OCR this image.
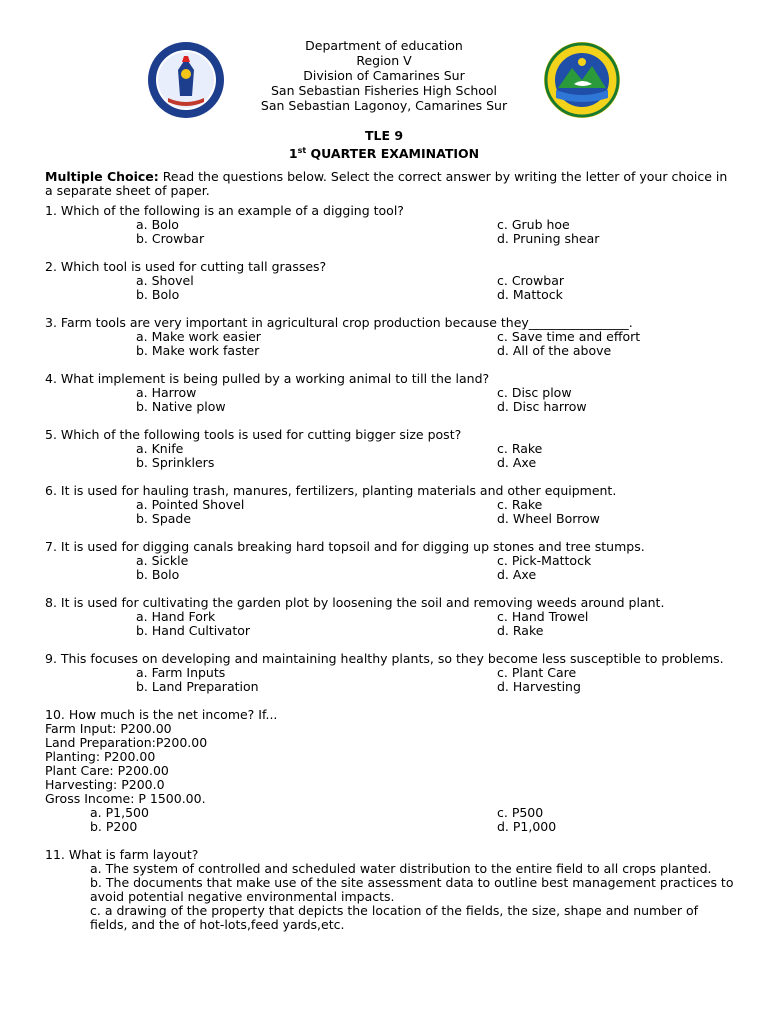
Department of education
Region V
Division of Camarines Sur
San Sebastian Fisheries High School
San Sebastian Lagonoy, Camarines Sur
TLE 9
1st QUARTER EXAMINATION
Multiple Choice: Read the questions below. Select the correct answer by writing the letter of your choice in a separate sheet of paper.
1. Which of the following is an example of a digging tool?
a. Bolo	c. Grub hoe
b. Crowbar	d. Pruning shear
2. Which tool is used for cutting tall grasses?
a. Shovel	c. Crowbar
b. Bolo	d. Mattock
3. Farm tools are very important in agricultural crop production because they________________.
a. Make work easier	c. Save time and effort
b. Make work faster	d. All of the above
4. What implement is being pulled by a working animal to till the land?
a. Harrow	c. Disc plow
b. Native plow	d. Disc harrow
5. Which of the following tools is used for cutting bigger size post?
a. Knife	c. Rake
b. Sprinklers	d. Axe
6. It is used for hauling trash, manures, fertilizers, planting materials and other equipment.
a. Pointed Shovel	c. Rake
b. Spade	d. Wheel Borrow
7. It is used for digging canals breaking hard topsoil and for digging up stones and tree stumps.
a. Sickle	c. Pick-Mattock
b. Bolo	d. Axe
8. It is used for cultivating the garden plot by loosening the soil and removing weeds around plant.
a. Hand Fork	c. Hand Trowel
b. Hand Cultivator	d. Rake
9. This focuses on developing and maintaining healthy plants, so they become less susceptible to problems.
a. Farm Inputs	c. Plant Care
b. Land Preparation	d. Harvesting
10. How much is the net income? If...
Farm Input: P200.00
Land Preparation:P200.00
Planting: P200.00
Plant Care: P200.00
Harvesting: P200.0
Gross Income: P 1500.00.
a. P1,500	c. P500
b. P200	d. P1,000
11. What is farm layout?
a. The system of controlled and scheduled water distribution to the entire field to all crops planted.
b. The documents that make use of the site assessment data to outline best management practices to avoid potential negative environmental impacts.
c. a drawing of the property that depicts the location of the fields, the size, shape and number of fields, and the of hot-lots,feed yards,etc.
